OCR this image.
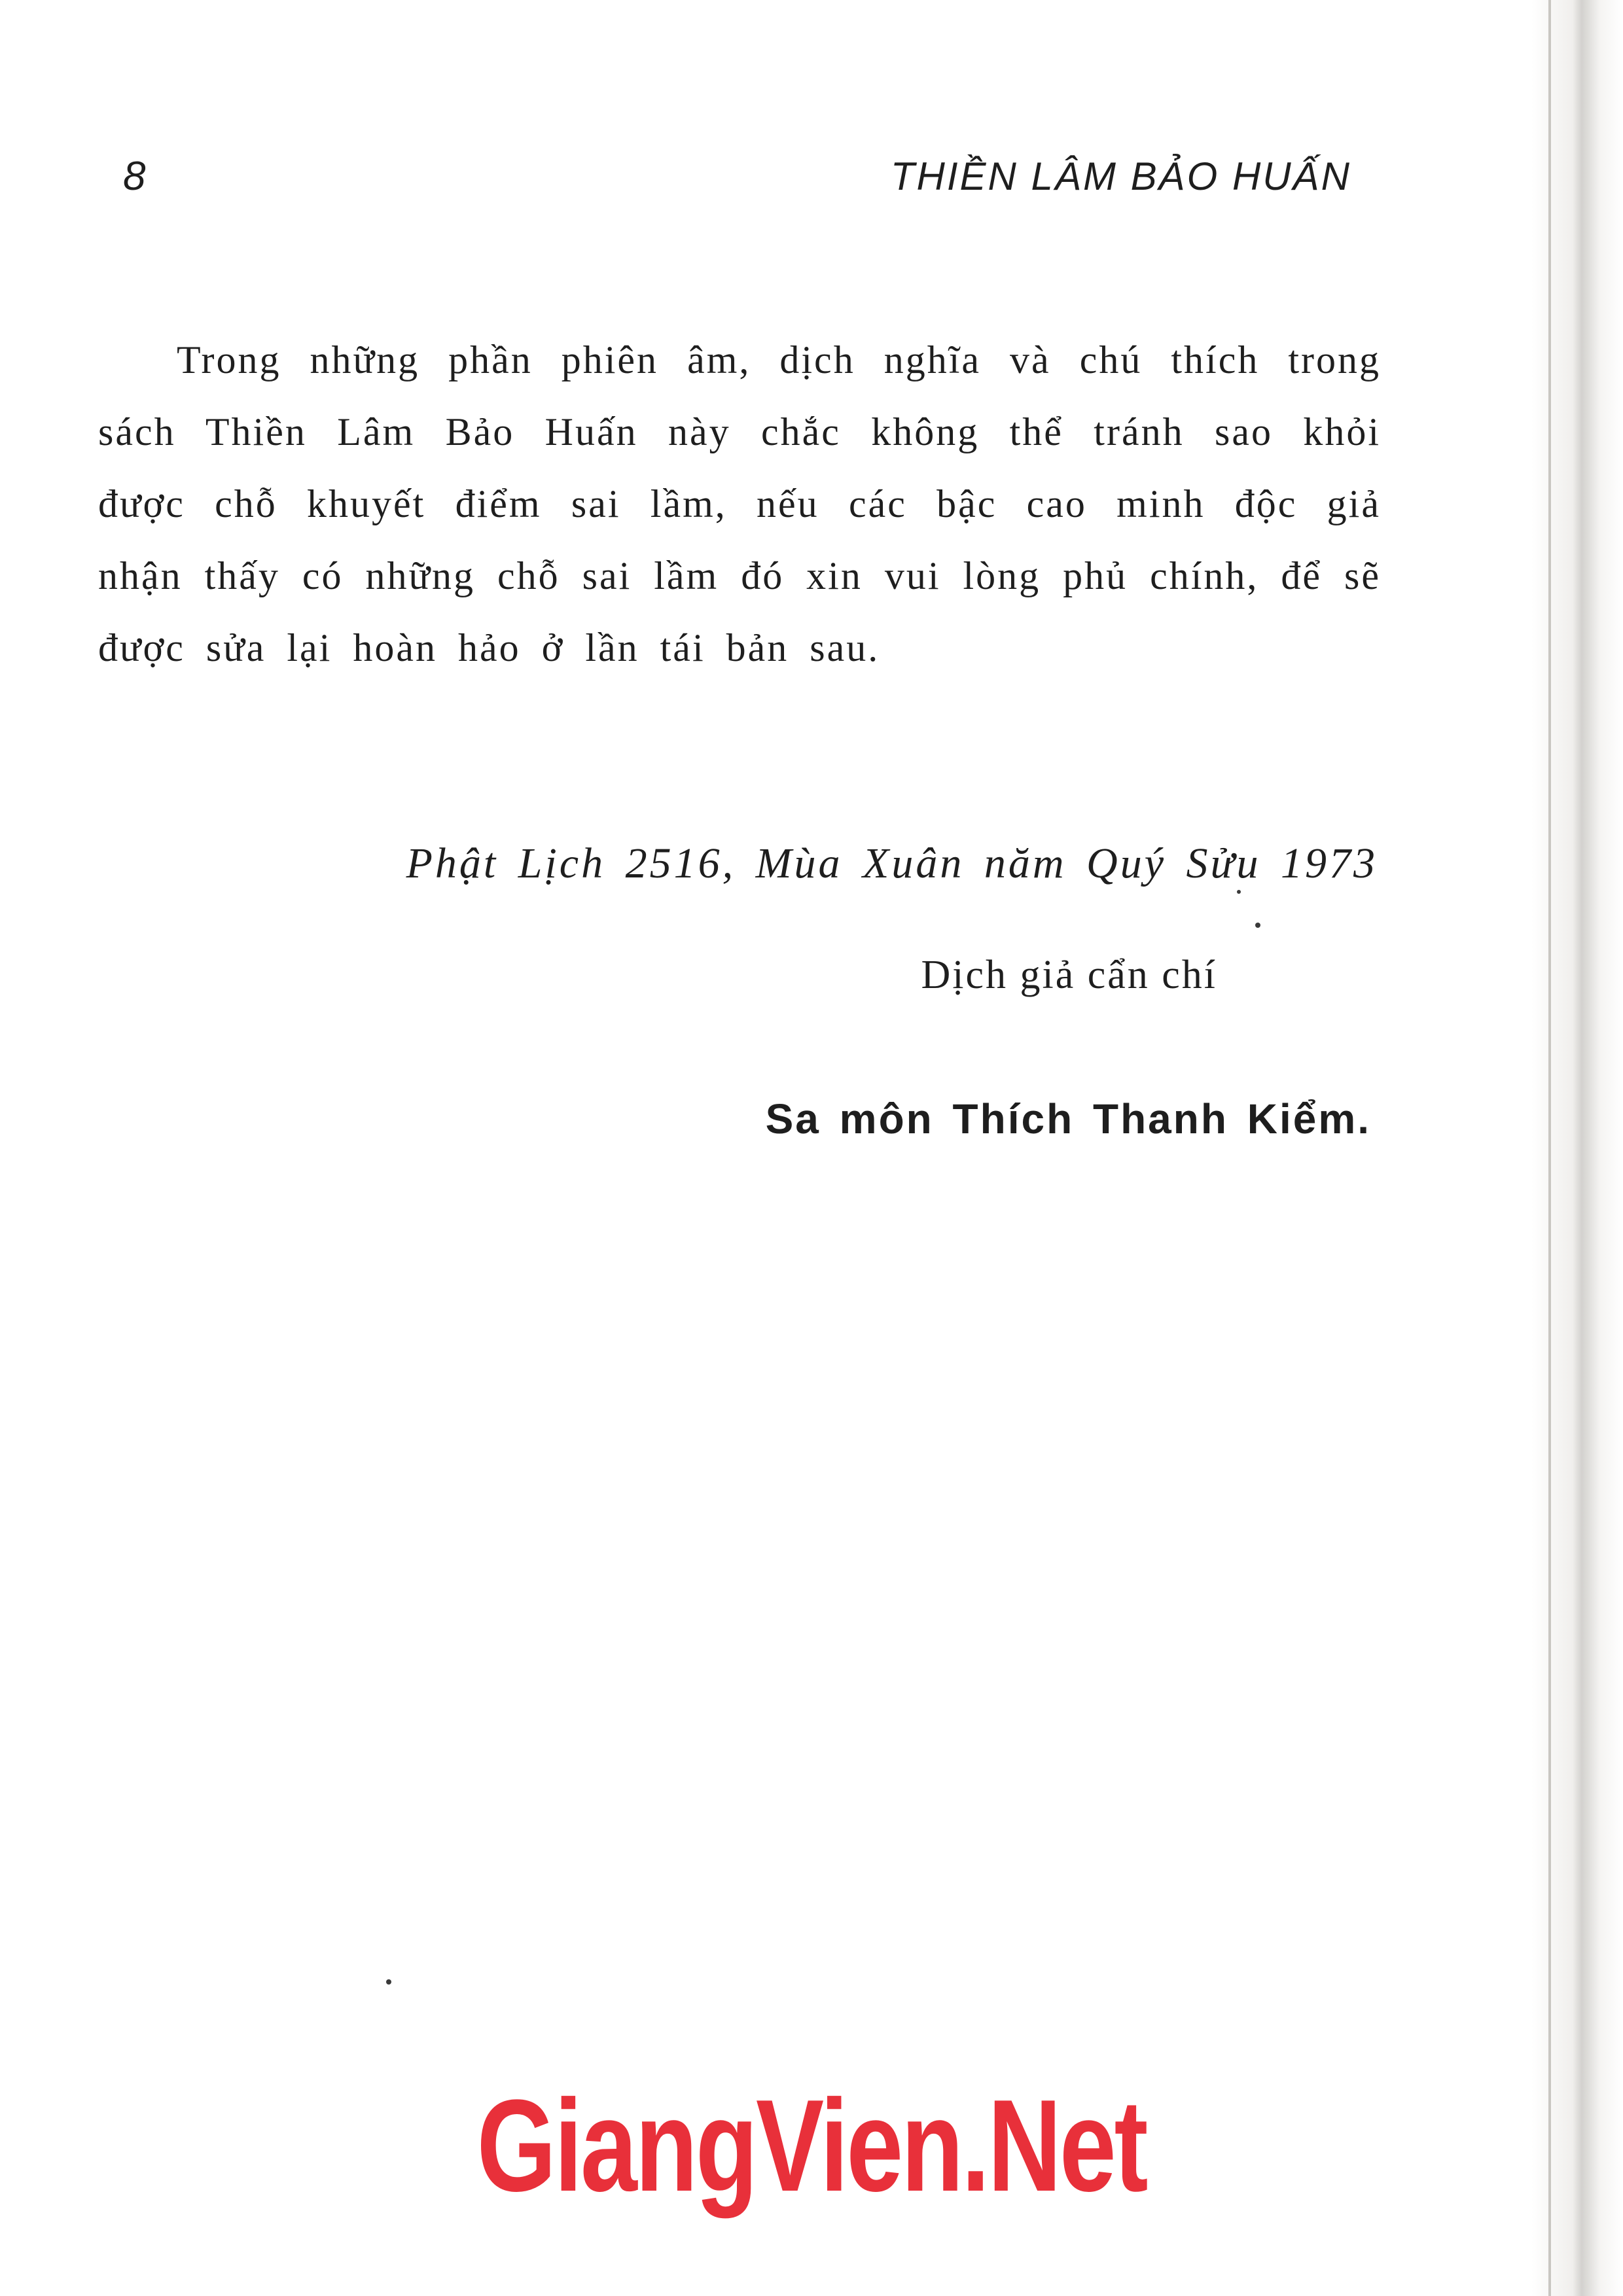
8	THIỀN LÂM BẢO HUẤN

Trong những phần phiên âm, dịch nghĩa và chú thích trong sách Thiền Lâm Bảo Huấn này chắc không thể tránh sao khỏi được chỗ khuyết điểm sai lầm, nếu các bậc cao minh độc giả nhận thấy có những chỗ sai lầm đó xin vui lòng phủ chính, để sẽ được sửa lại hoàn hảo ở lần tái bản sau.

Phật Lịch 2516, Mùa Xuân năm Quý Sửu 1973
Dịch giả cẩn chí
Sa môn Thích Thanh Kiểm.
GiangVien.Net
